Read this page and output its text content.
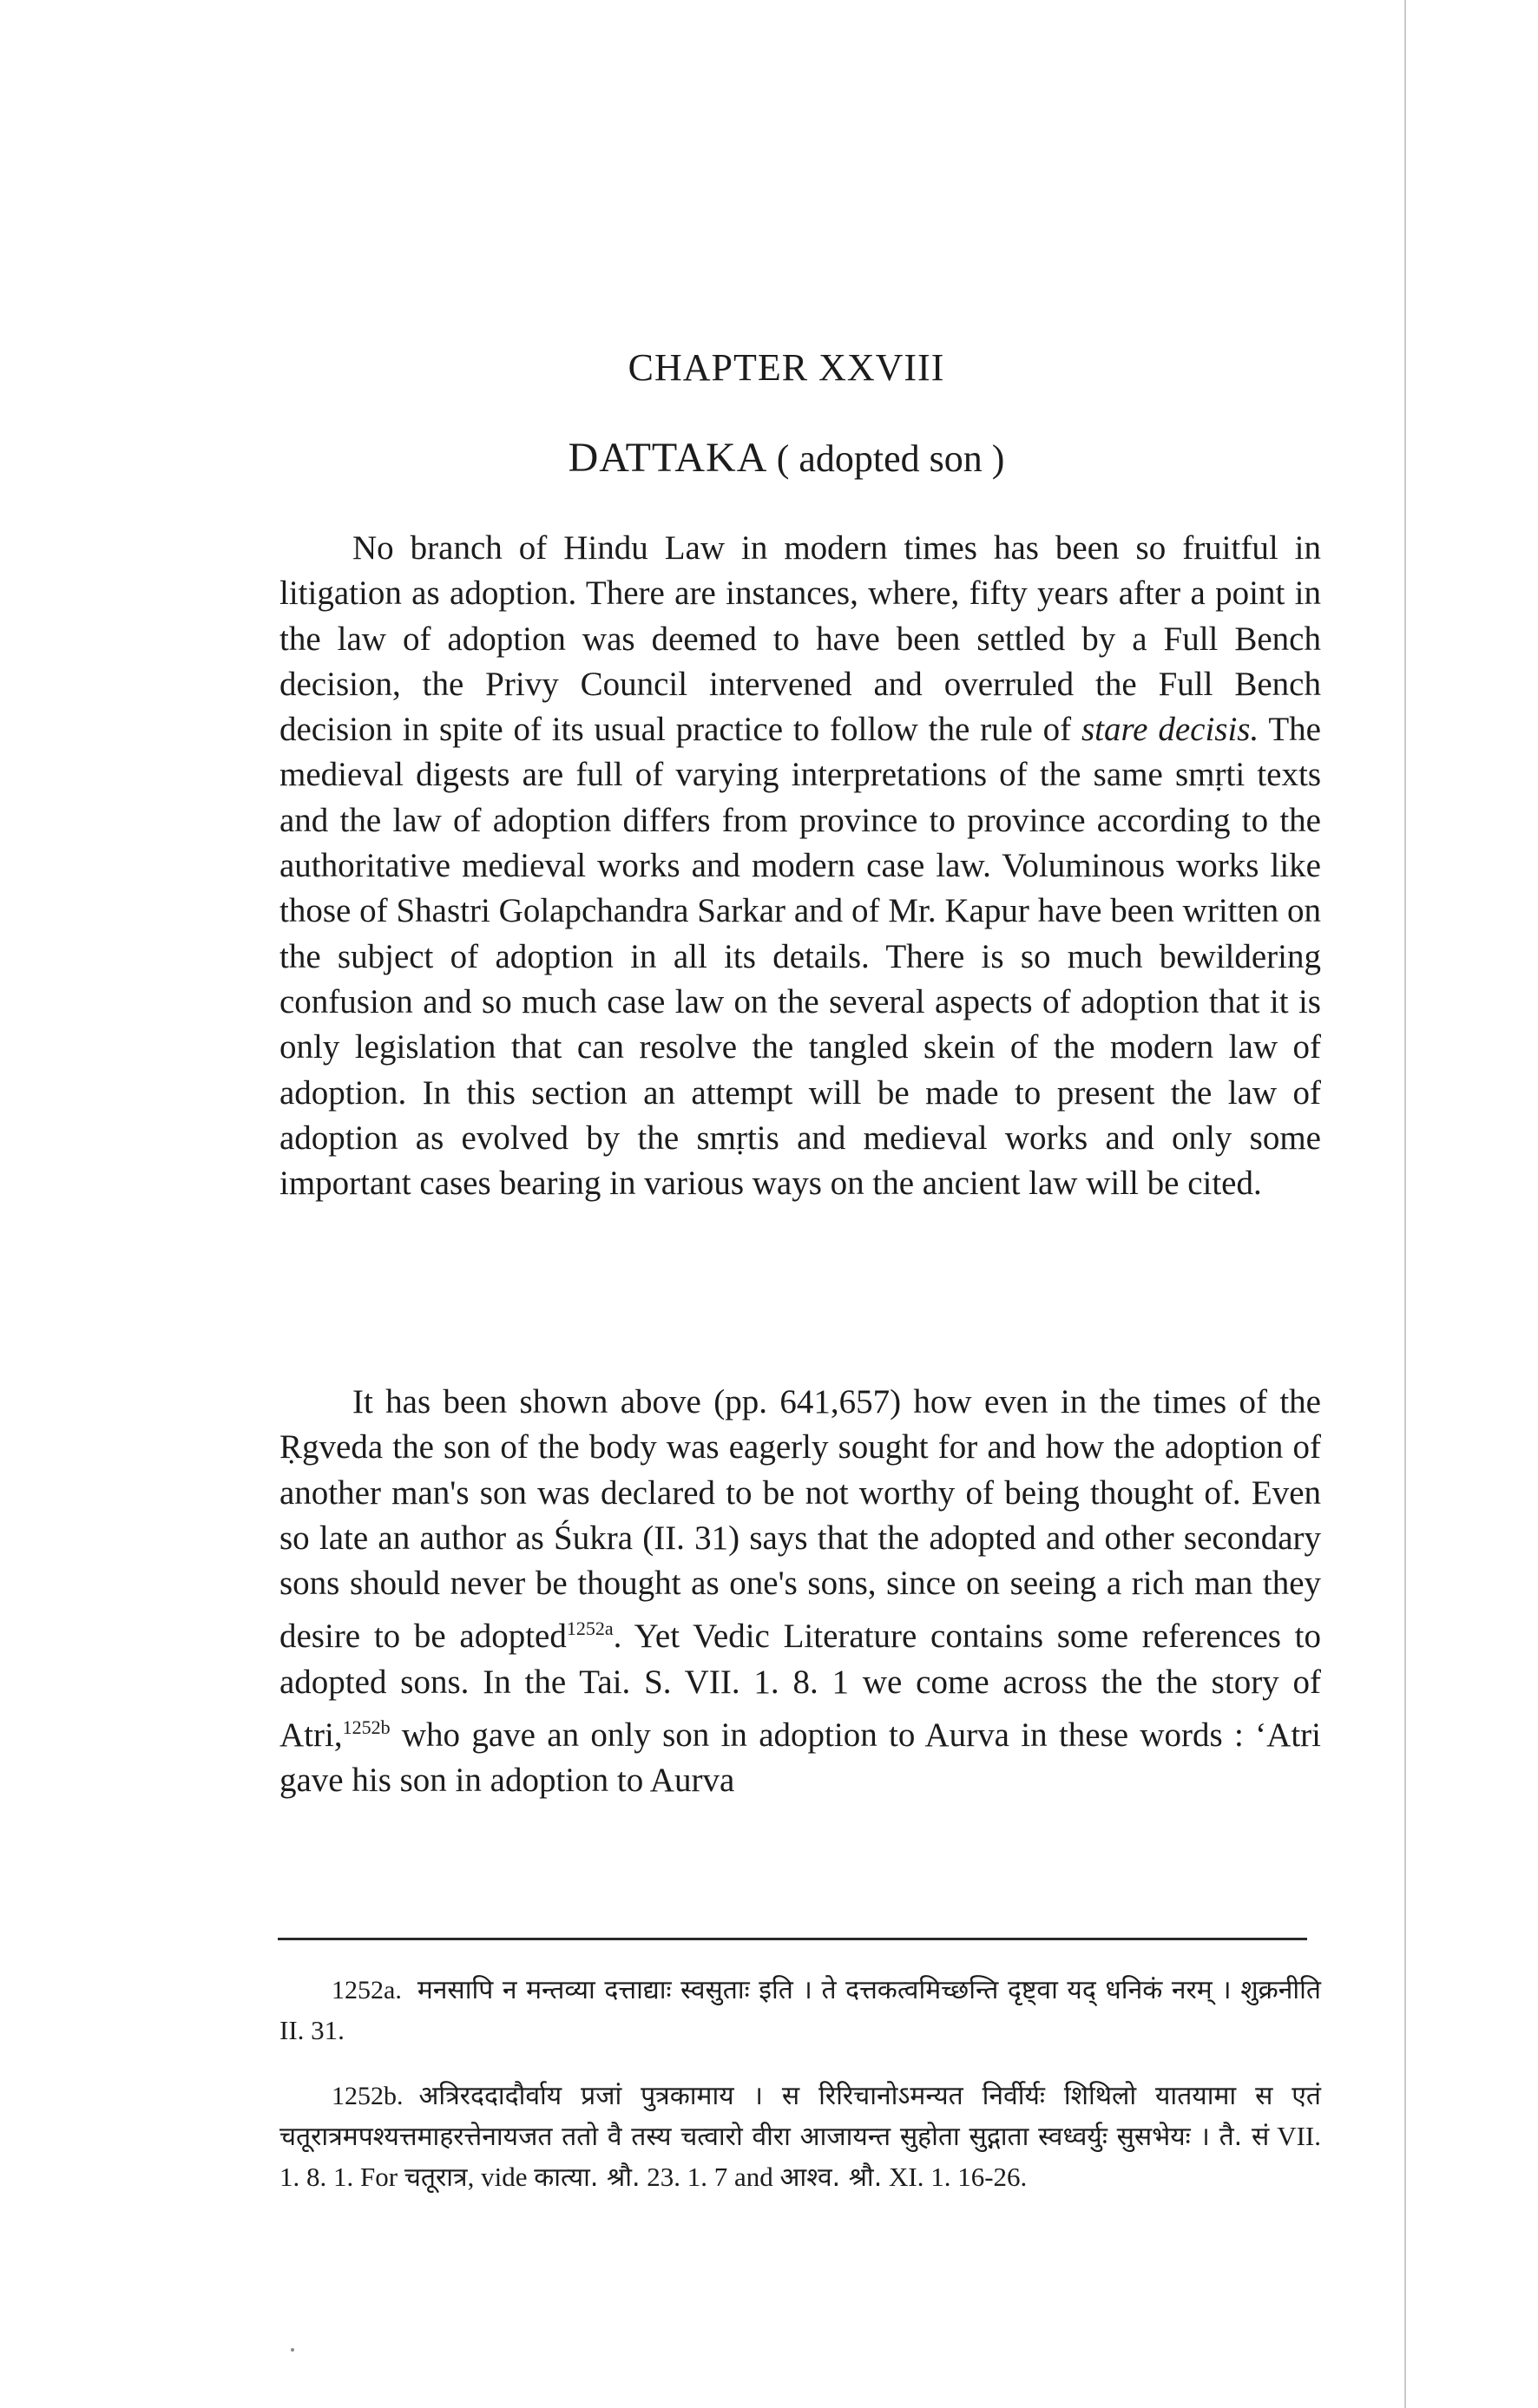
CHAPTER XXVIII
DATTAKA ( adopted son )

No branch of Hindu Law in modern times has been so fruitful in litigation as adoption. There are instances, where, fifty years after a point in the law of adoption was deemed to have been settled by a Full Bench decision, the Privy Council intervened and overruled the Full Bench decision in spite of its usual practice to follow the rule of stare decisis. The medieval digests are full of varying interpretations of the same smṛti texts and the law of adoption differs from province to province according to the authoritative medieval works and modern case law. Voluminous works like those of Shastri Golapchandra Sarkar and of Mr. Kapur have been written on the subject of adoption in all its details. There is so much bewildering confusion and so much case law on the several aspects of adoption that it is only legislation that can resolve the tangled skein of the modern law of adoption. In this section an attempt will be made to present the law of adoption as evolved by the smṛtis and medieval works and only some important cases bearing in various ways on the ancient law will be cited.

It has been shown above (pp. 641,657) how even in the times of the Ṛgveda the son of the body was eagerly sought for and how the adoption of another man's son was declared to be not worthy of being thought of. Even so late an author as Śukra (II. 31) says that the adopted and other secondary sons should never be thought as one's sons, since on seeing a rich man they desire to be adopted$^{1252a}$. Yet Vedic Literature contains some references to adopted sons. In the Tai. S. VII. 1. 8. 1 we come across the the story of Atri,$^{1252b}$ who gave an only son in adoption to Aurva in these words : ‘Atri gave his son in adoption to Aurva

1252a. मनसापि न मन्तव्या दत्ताद्याः स्वसुताः इति । ते दत्तकत्वमिच्छन्ति दृष्ट्वा यद् धनिकं नरम् । शुक्रनीति II. 31.

1252b. अत्रिरददादौर्वाय प्रजां पुत्रकामाय । स रिरिचानोऽमन्यत निर्वीर्यः शिथिलो यातयामा स एतं चतूरात्रमपश्यत्तमाहरत्तेनायजत ततो वै तस्य चत्वारो वीरा आजायन्त सुहोता सुद्गाता स्वध्वर्युः सुसभेयः । तै. सं VII. 1. 8. 1. For चतूरात्र, vide कात्या. श्रौ. 23. 1. 7 and आश्व. श्रौ. XI. 1. 16-26.
